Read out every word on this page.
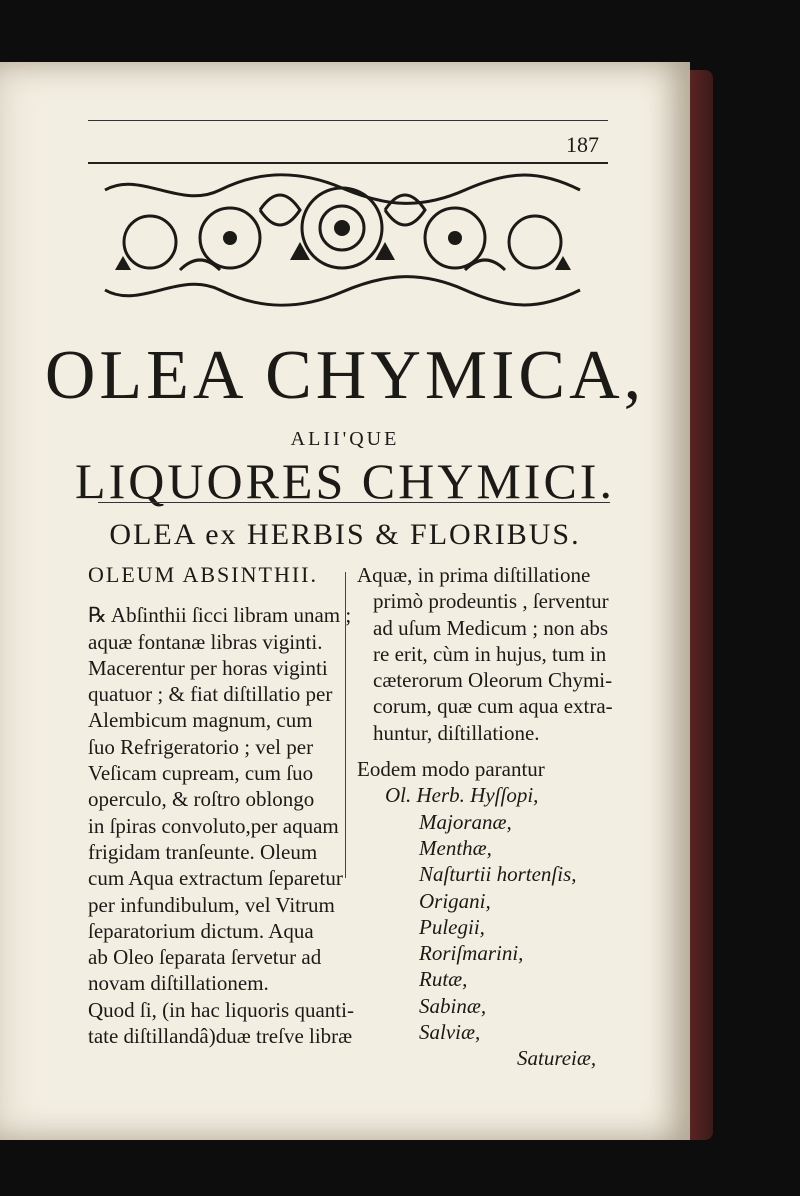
187
OLEA CHYMICA,
ALII'QUE
LIQUORES CHYMICI.
OLEA ex HERBIS & FLORIBUS.

OLEUM ABSINTHII.

℞ Abſinthii ſicci libram unam ;

aquæ fontanæ libras viginti.

Macerentur per horas viginti

quatuor ; & fiat diſtillatio per

Alembicum magnum, cum

ſuo Refrigeratorio ; vel per

Veſicam cupream, cum ſuo

operculo, & roſtro oblongo

in ſpiras convoluto,per aquam

frigidam tranſeunte. Oleum

cum Aqua extractum ſeparetur

per infundibulum, vel Vitrum

ſeparatorium dictum. Aqua

ab Oleo ſeparata ſervetur ad

novam diſtillationem.

Quod ſi, (in hac liquoris quanti-

tate diſtillandâ)duæ treſve libræ

Aquæ, in prima diſtillatione

primò prodeuntis , ſerventur

ad uſum Medicum ; non abs

re erit, cùm in hujus, tum in

cæterorum Oleorum Chymi-

corum, quæ cum aqua extra-

huntur, diſtillatione.

Eodem modo parantur

Ol. Herb. Hyſſopi,

Majoranæ,

Menthæ,

Naſturtii hortenſis,

Origani,

Pulegii,

Roriſmarini,

Rutæ,

Sabinæ,

Salviæ,

Satureiæ,
